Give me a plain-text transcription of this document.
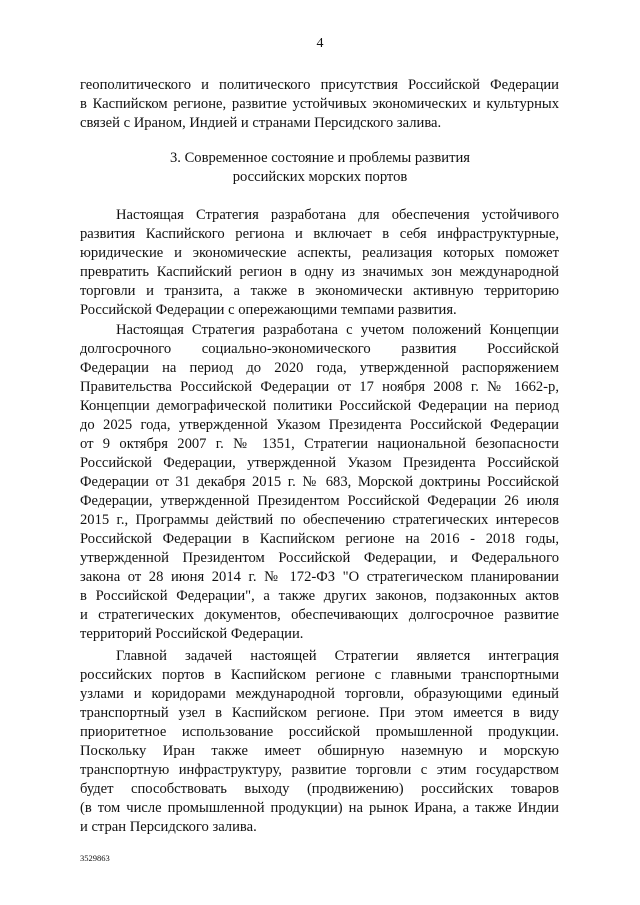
4
геополитического и политического присутствия Российской Федерации
в Каспийском регионе, развитие устойчивых экономических и культурных
связей с Ираном, Индией и странами Персидского залива.
3. Современное состояние и проблемы развития
российских морских портов
Настоящая Стратегия разработана для обеспечения устойчивого
развития Каспийского региона и включает в себя инфраструктурные,
юридические и экономические аспекты, реализация которых поможет
превратить Каспийский регион в одну из значимых зон международной
торговли и транзита, а также в экономически активную территорию
Российской Федерации с опережающими темпами развития.
Настоящая Стратегия разработана с учетом положений Концепции
долгосрочного социально-экономического развития Российской
Федерации на период до 2020 года, утвержденной распоряжением
Правительства Российской Федерации от 17 ноября 2008 г. № 1662-р,
Концепции демографической политики Российской Федерации на период
до 2025 года, утвержденной Указом Президента Российской Федерации
от 9 октября 2007 г. № 1351, Стратегии национальной безопасности
Российской Федерации, утвержденной Указом Президента Российской
Федерации от 31 декабря 2015 г. № 683, Морской доктрины Российской
Федерации, утвержденной Президентом Российской Федерации 26 июля
2015 г., Программы действий по обеспечению стратегических интересов
Российской Федерации в Каспийском регионе на 2016 - 2018 годы,
утвержденной Президентом Российской Федерации, и Федерального
закона от 28 июня 2014 г. № 172-ФЗ "О стратегическом планировании
в Российской Федерации", а также других законов, подзаконных актов
и стратегических документов, обеспечивающих долгосрочное развитие
территорий Российской Федерации.
Главной задачей настоящей Стратегии является интеграция
российских портов в Каспийском регионе с главными транспортными
узлами и коридорами международной торговли, образующими единый
транспортный узел в Каспийском регионе. При этом имеется в виду
приоритетное использование российской промышленной продукции.
Поскольку Иран также имеет обширную наземную и морскую
транспортную инфраструктуру, развитие торговли с этим государством
будет способствовать выходу (продвижению) российских товаров
(в том числе промышленной продукции) на рынок Ирана, а также Индии
и стран Персидского залива.
3529863
